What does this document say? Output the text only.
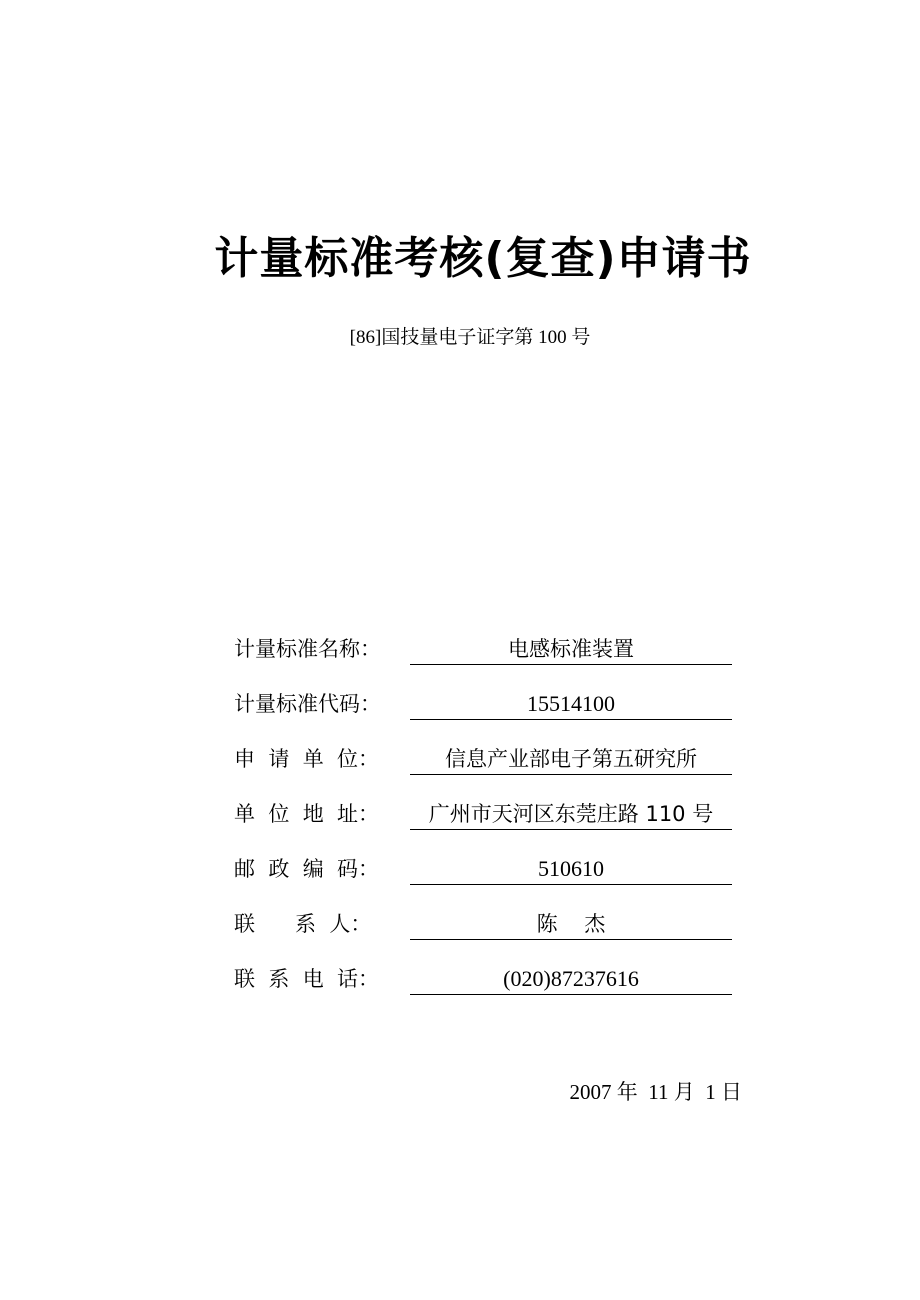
计量标准考核(复查)申请书
[86]国技量电子证字第 100 号
计量标准名称：	电感标准装置
计量标准代码：	15514100
申  请  单  位：	信息产业部电子第五研究所
单  位  地  址：	广州市天河区东莞庄路 110 号
邮  政  编  码：	510610
联      系  人：	陈    杰
联  系  电  话：	(020)87237616
2007 年  11 月  1 日
